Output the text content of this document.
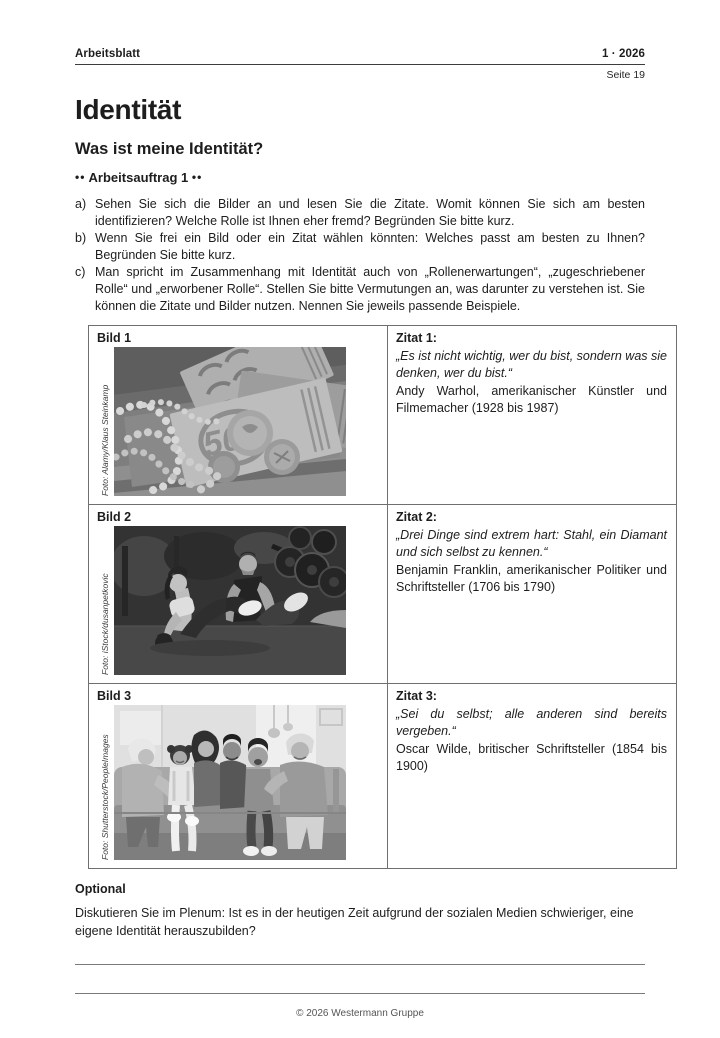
Arbeitsblatt	1 · 2026
Seite 19
Identität
Was ist meine Identität?
•• Arbeitsauftrag 1 ••
a) Sehen Sie sich die Bilder an und lesen Sie die Zitate. Womit können Sie sich am besten identifizieren? Welche Rolle ist Ihnen eher fremd? Begründen Sie bitte kurz.
b) Wenn Sie frei ein Bild oder ein Zitat wählen könnten: Welches passt am besten zu Ihnen? Begründen Sie bitte kurz.
c) Man spricht im Zusammenhang mit Identität auch von „Rollenerwartungen“, „zugeschriebener Rolle“ und „erworbener Rolle“. Stellen Sie bitte Vermutungen an, was darunter zu verstehen ist. Sie können die Zitate und Bilder nutzen. Nennen Sie jeweils passende Beispiele.
Bild 1
Foto: Alamy/Klaus Steinkamp

Zitat 1:
„Es ist nicht wichtig, wer du bist, sondern was sie denken, wer du bist.“
Andy Warhol, amerikanischer Künstler und Filmemacher (1928 bis 1987)

Bild 2
Foto: iStock/dusanpetkovic

Zitat 2:
„Drei Dinge sind extrem hart: Stahl, ein Diamant und sich selbst zu kennen.“
Benjamin Franklin, amerikanischer Politiker und Schriftsteller (1706 bis 1790)

Bild 3
Foto: Shutterstock/PeopleImages

Zitat 3:
„Sei du selbst; alle anderen sind bereits vergeben.“
Oscar Wilde, britischer Schriftsteller (1854 bis 1900)
Optional
Diskutieren Sie im Plenum: Ist es in der heutigen Zeit aufgrund der sozialen Medien schwieriger, eine eigene Identität herauszubilden?
© 2026 Westermann Gruppe
